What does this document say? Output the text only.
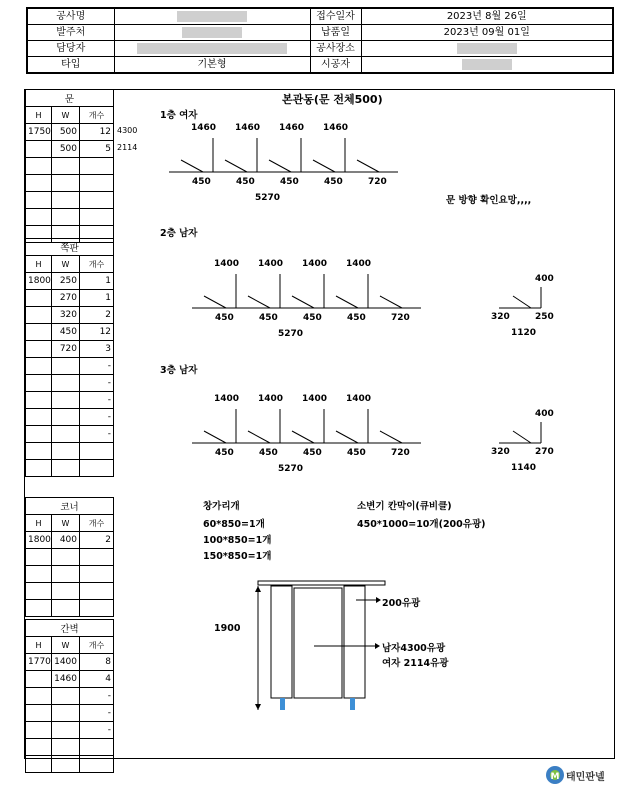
공사명		접수일자	2023년 8월 26일
발주처		납품일	2023년 09월 01일
담당자		공사장소	
타입	기본형	시공자	
본관동(문 전체500)
문		
H	W	개수
1750	500	12
	500	5

쪽판		
H	W	개수
1800	250	1
	270	1
	320	2
	450	12
	720	3
		-
		-
		-
		-
		-

코너		
H	W	개수
1800	400	2

간벽		
H	W	개수
1770	1400	8
	1460	4
		-
		-
		-

4300
2114
1층 여자
2층 남자
3층 남자
1460 1460 1460 1460
450	450	450	450	720
5270
1400 1400 1400 1400
450	450	450	450	720
5270
1400 1400 1400 1400
450	450	450	450	720
5270
400
320	250
1120
400
320	270
1140
문 방향 확인요망,,,,
창가리개
60*850=1개
100*850=1개
150*850=1개
소변기 칸막이(큐비클)
450*1000=10개(200유광)
1900
200유광
남자4300유광
여자 2114유광
M 태민판넬
